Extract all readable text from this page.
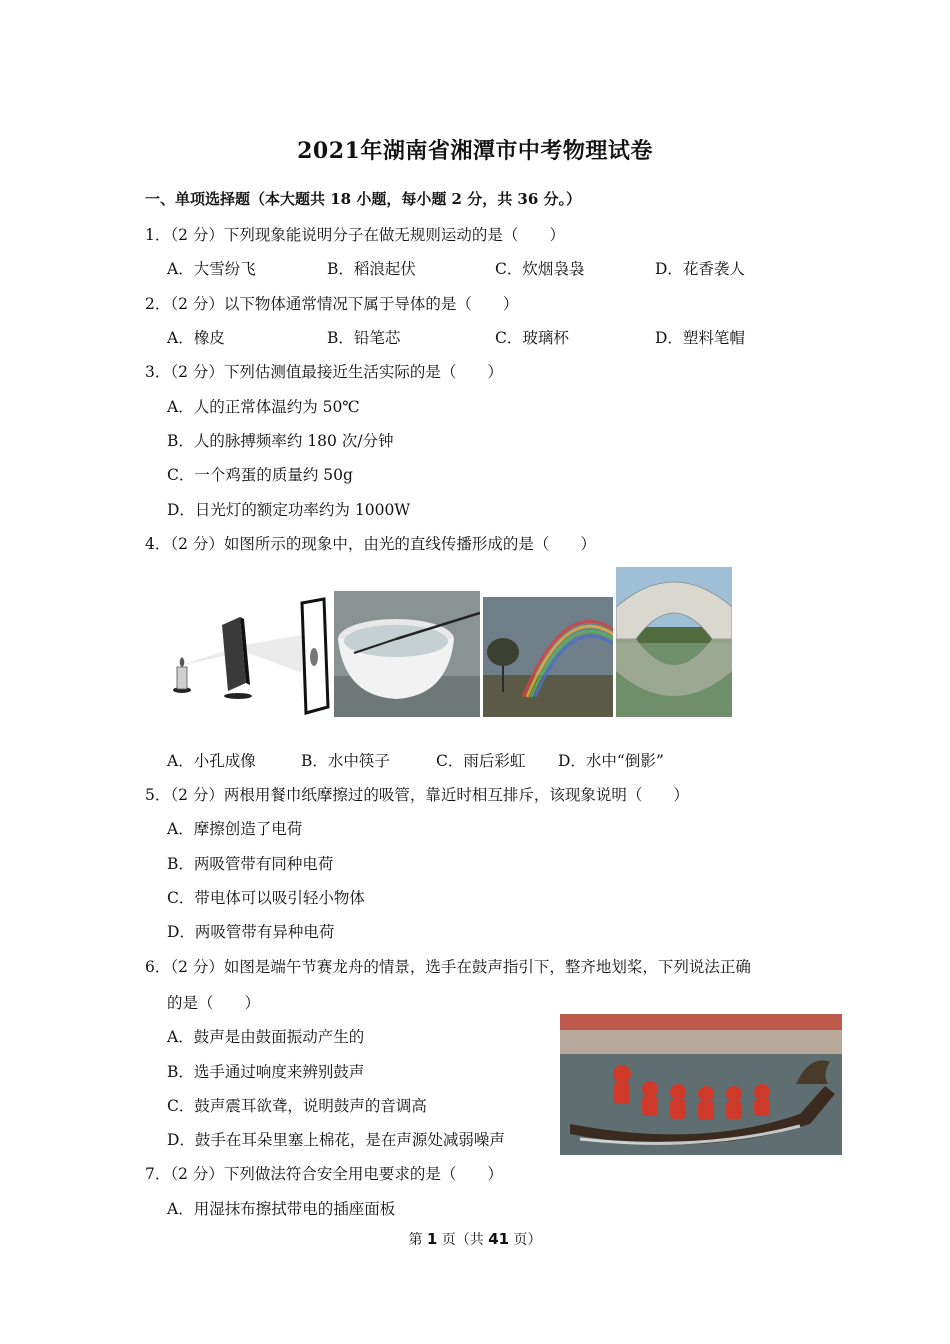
2021年湖南省湘潭市中考物理试卷
一、单项选择题（本大题共 18 小题，每小题 2 分，共 36 分。）
1．（2 分）下列现象能说明分子在做无规则运动的是（　　）
A．大雪纷飞	B．稻浪起伏	C．炊烟袅袅	D．花香袭人
2．（2 分）以下物体通常情况下属于导体的是（　　）
A．橡皮	B．铅笔芯	C．玻璃杯	D．塑料笔帽
3．（2 分）下列估测值最接近生活实际的是（　　）
A．人的正常体温约为 50℃
B．人的脉搏频率约 180 次/分钟
C．一个鸡蛋的质量约 50g
D．日光灯的额定功率约为 1000W
4．（2 分）如图所示的现象中，由光的直线传播形成的是（　　）
A．小孔成像	B．水中筷子	C．雨后彩虹 D．水中“倒影”
5．（2 分）两根用餐巾纸摩擦过的吸管，靠近时相互排斥，该现象说明（　　）
A．摩擦创造了电荷
B．两吸管带有同种电荷
C．带电体可以吸引轻小物体
D．两吸管带有异种电荷
6．（2 分）如图是端午节赛龙舟的情景，选手在鼓声指引下，整齐地划桨，下列说法正确
的是（　　）
A．鼓声是由鼓面振动产生的
B．选手通过响度来辨别鼓声
C．鼓声震耳欲聋，说明鼓声的音调高
D．鼓手在耳朵里塞上棉花，是在声源处减弱噪声
7．（2 分）下列做法符合安全用电要求的是（　　）
A．用湿抹布擦拭带电的插座面板
第 1 页（共 41 页）
